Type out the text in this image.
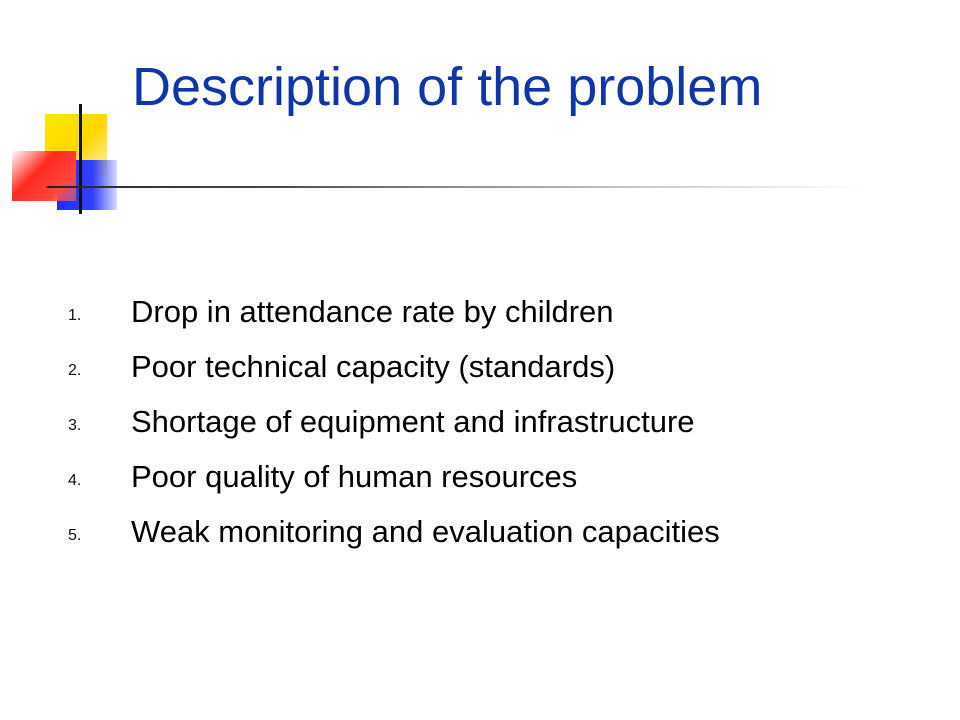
Description of the problem
1.	Drop in attendance rate by children
2.	Poor technical capacity (standards)
3.	Shortage of equipment and infrastructure
4.	Poor quality of human resources
5.	Weak monitoring and evaluation capacities
